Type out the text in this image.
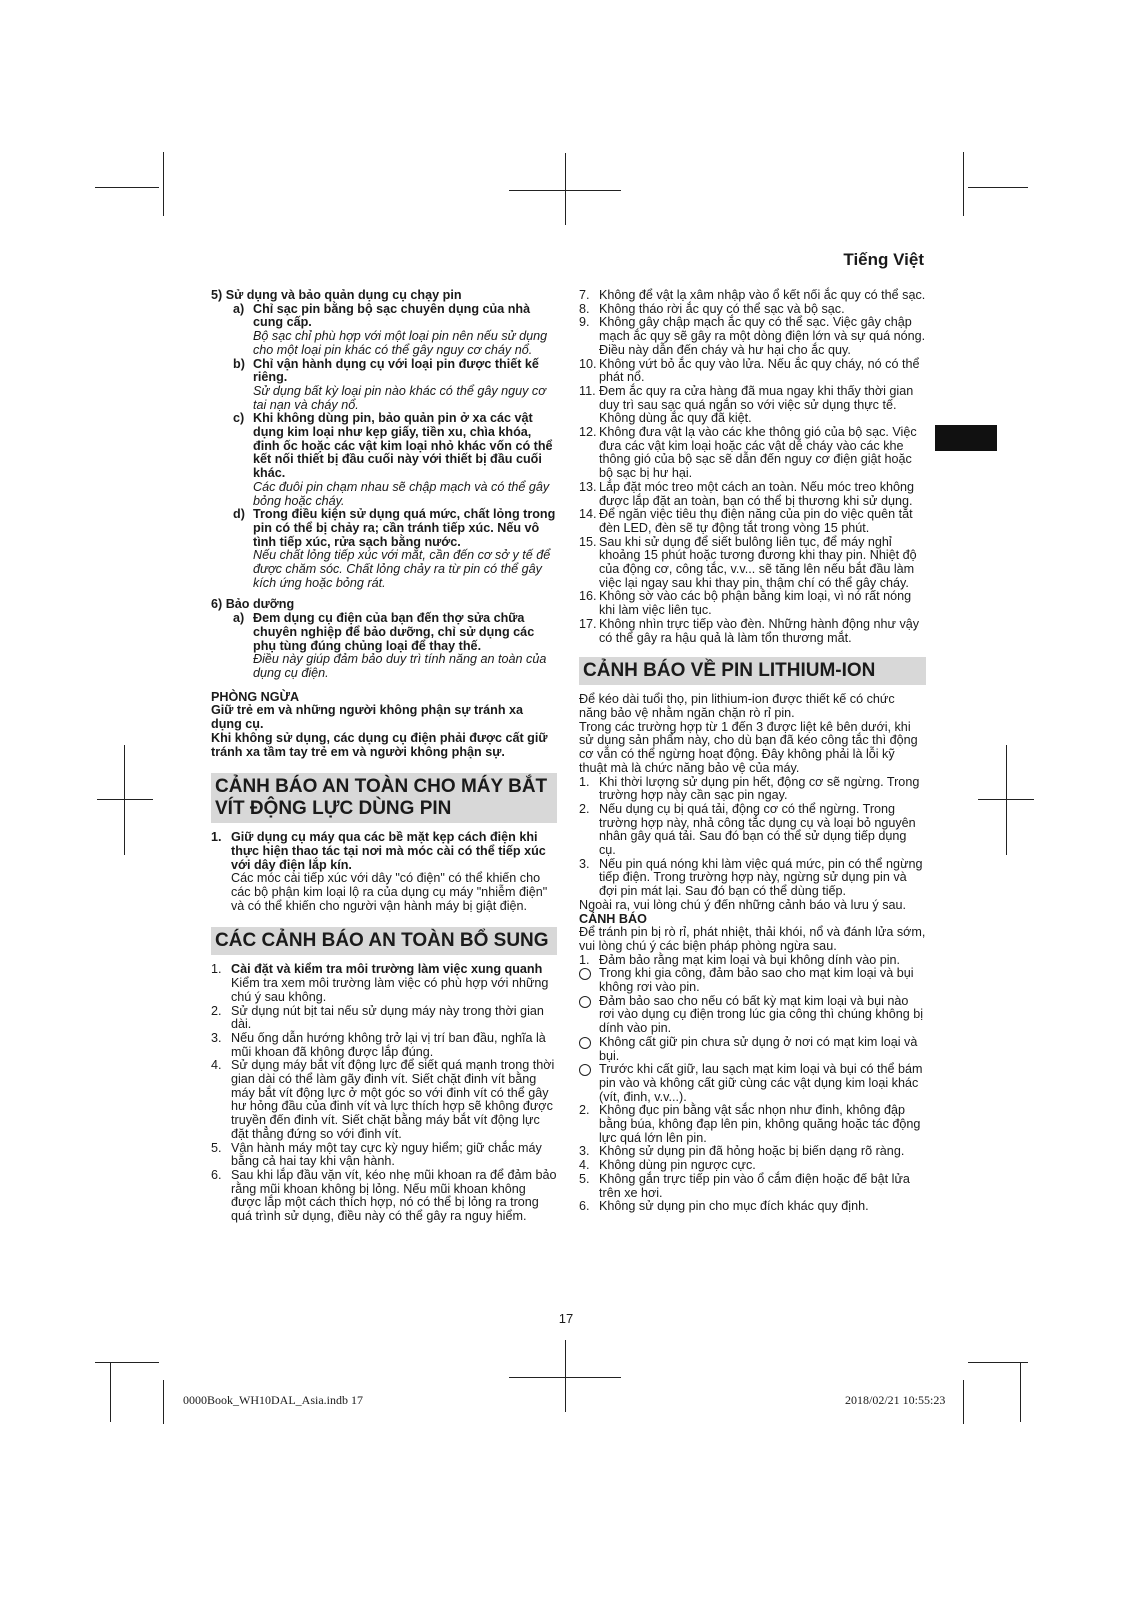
Tiếng Việt
5) Sử dụng và bảo quản dụng cụ chạy pin
a) Chỉ sạc pin bằng bộ sạc chuyên dụng của nhà cung cấp.
Bộ sạc chỉ phù hợp với một loại pin nên nếu sử dụng cho một loại pin khác có thể gây nguy cơ cháy nổ.
b) Chỉ vận hành dụng cụ với loại pin được thiết kế riêng.
Sử dụng bất kỳ loại pin nào khác có thể gây nguy cơ tai nạn và cháy nổ.
c) Khi không dùng pin, bảo quản pin ở xa các vật dụng kim loại như kẹp giấy, tiền xu, chìa khóa, đinh ốc hoặc các vật kim loại nhỏ khác vốn có thể kết nối thiết bị đầu cuối này với thiết bị đầu cuối khác.
Các đuôi pin chạm nhau sẽ chập mạch và có thể gây bỏng hoặc cháy.
d) Trong điều kiện sử dụng quá mức, chất lỏng trong pin có thể bị chảy ra; cần tránh tiếp xúc. Nếu vô tình tiếp xúc, rửa sạch bằng nước.
Nếu chất lỏng tiếp xúc với mắt, cần đến cơ sở y tế để được chăm sóc. Chất lỏng chảy ra từ pin có thể gây kích ứng hoặc bỏng rát.
6) Bảo dưỡng
a) Đem dụng cụ điện của bạn đến thợ sửa chữa chuyên nghiệp để bảo dưỡng, chỉ sử dụng các phụ tùng đúng chủng loại để thay thế.
Điều này giúp đảm bảo duy trì tính năng an toàn của dụng cụ điện.
PHÒNG NGỪA
Giữ trẻ em và những người không phận sự tránh xa dụng cụ.
Khi không sử dụng, các dụng cụ điện phải được cất giữ tránh xa tầm tay trẻ em và người không phận sự.
CẢNH BÁO AN TOÀN CHO MÁY BẮT VÍT ĐỘNG LỰC DÙNG PIN
1. Giữ dụng cụ máy qua các bề mặt kẹp cách điện khi thực hiện thao tác tại nơi mà móc cài có thể tiếp xúc với dây điện lắp kín.
Các móc cài tiếp xúc với dây "có điện" có thể khiến cho các bộ phận kim loại lộ ra của dụng cụ máy "nhiễm điện" và có thể khiến cho người vận hành máy bị giật điện.
CÁC CẢNH BÁO AN TOÀN BỔ SUNG
1. Cài đặt và kiểm tra môi trường làm việc xung quanh
Kiểm tra xem môi trường làm việc có phù hợp với những chú ý sau không.
2. Sử dụng nút bịt tai nếu sử dụng máy này trong thời gian dài.
3. Nếu ống dẫn hướng không trở lại vị trí ban đầu, nghĩa là mũi khoan đã không được lắp đúng.
4. Sử dụng máy bắt vít động lực để siết quá mạnh trong thời gian dài có thể làm gãy đinh vít. Siết chặt đinh vít bằng máy bắt vít động lực ở một góc so với đinh vít có thể gây hư hỏng đầu của đinh vít và lực thích hợp sẽ không được truyền đến đinh vít. Siết chặt bằng máy bắt vít động lực đặt thẳng đứng so với đinh vít.
5. Vận hành máy một tay cực kỳ nguy hiểm; giữ chắc máy bằng cả hai tay khi vận hành.
6. Sau khi lắp đầu vặn vít, kéo nhẹ mũi khoan ra để đảm bảo rằng mũi khoan không bị lỏng. Nếu mũi khoan không được lắp một cách thích hợp, nó có thể bị lỏng ra trong quá trình sử dụng, điều này có thể gây ra nguy hiểm.
7. Không để vật lạ xâm nhập vào ổ kết nối ắc quy có thể sạc.
8. Không tháo rời ắc quy có thể sạc và bộ sạc.
9. Không gây chập mạch ắc quy có thể sạc. Việc gây chập mạch ắc quy sẽ gây ra một dòng điện lớn và sự quá nóng. Điều này dẫn đến cháy và hư hại cho ắc quy.
10. Không vứt bỏ ắc quy vào lửa. Nếu ắc quy cháy, nó có thể phát nổ.
11. Đem ắc quy ra cửa hàng đã mua ngay khi thấy thời gian duy trì sau sạc quá ngắn so với việc sử dụng thực tế. Không dùng ắc quy đã kiệt.
12. Không đưa vật lạ vào các khe thông gió của bộ sạc. Việc đưa các vật kim loại hoặc các vật dễ cháy vào các khe thông gió của bộ sạc sẽ dẫn đến nguy cơ điện giật hoặc bộ sạc bị hư hại.
13. Lắp đặt móc treo một cách an toàn. Nếu móc treo không được lắp đặt an toàn, bạn có thể bị thương khi sử dụng.
14. Để ngăn việc tiêu thụ điện năng của pin do việc quên tắt đèn LED, đèn sẽ tự động tắt trong vòng 15 phút.
15. Sau khi sử dụng để siết bulông liên tục, để máy nghỉ khoảng 15 phút hoặc tương đương khi thay pin. Nhiệt độ của động cơ, công tắc, v.v... sẽ tăng lên nếu bắt đầu làm việc lại ngay sau khi thay pin, thậm chí có thể gây cháy.
16. Không sờ vào các bộ phận bằng kim loại, vì nó rất nóng khi làm việc liên tục.
17. Không nhìn trực tiếp vào đèn. Những hành động như vậy có thể gây ra hậu quả là làm tổn thương mắt.
CẢNH BÁO VỀ PIN LITHIUM-ION
Để kéo dài tuổi thọ, pin lithium-ion được thiết kế có chức năng bảo vệ nhằm ngăn chặn rò rỉ pin.
Trong các trường hợp từ 1 đến 3 được liệt kê bên dưới, khi sử dụng sản phẩm này, cho dù bạn đã kéo công tắc thì động cơ vẫn có thể ngừng hoạt động. Đây không phải là lỗi kỹ thuật mà là chức năng bảo vệ của máy.
1. Khi thời lượng sử dụng pin hết, động cơ sẽ ngừng. Trong trường hợp này cần sạc pin ngay.
2. Nếu dụng cụ bị quá tải, động cơ có thể ngừng. Trong trường hợp này, nhả công tắc dụng cụ và loại bỏ nguyên nhân gây quá tải. Sau đó bạn có thể sử dụng tiếp dụng cụ.
3. Nếu pin quá nóng khi làm việc quá mức, pin có thể ngừng tiếp điện. Trong trường hợp này, ngừng sử dụng pin và đợi pin mát lại. Sau đó bạn có thể dùng tiếp.
Ngoài ra, vui lòng chú ý đến những cảnh báo và lưu ý sau.
CẢNH BÁO
Để tránh pin bị rò rỉ, phát nhiệt, thải khói, nổ và đánh lửa sớm, vui lòng chú ý các biện pháp phòng ngừa sau.
1. Đảm bảo rằng mạt kim loại và bụi không dính vào pin.
Trong khi gia công, đảm bảo sao cho mạt kim loại và bụi không rơi vào pin.
Đảm bảo sao cho nếu có bất kỳ mạt kim loại và bụi nào rơi vào dụng cụ điện trong lúc gia công thì chúng không bị dính vào pin.
Không cất giữ pin chưa sử dụng ở nơi có mạt kim loại và bụi.
Trước khi cất giữ, lau sạch mạt kim loại và bụi có thể bám pin vào và không cất giữ cùng các vật dụng kim loại khác (vít, đinh, v.v...).
2. Không đục pin bằng vật sắc nhọn như đinh, không đập bằng búa, không đạp lên pin, không quăng hoặc tác động lực quá lớn lên pin.
3. Không sử dụng pin đã hỏng hoặc bị biến dạng rõ ràng.
4. Không dùng pin ngược cực.
5. Không gắn trực tiếp pin vào ổ cắm điện hoặc đế bật lửa trên xe hơi.
6. Không sử dụng pin cho mục đích khác quy định.
17
0000Book_WH10DAL_Asia.indb 17	2018/02/21 10:55:23
